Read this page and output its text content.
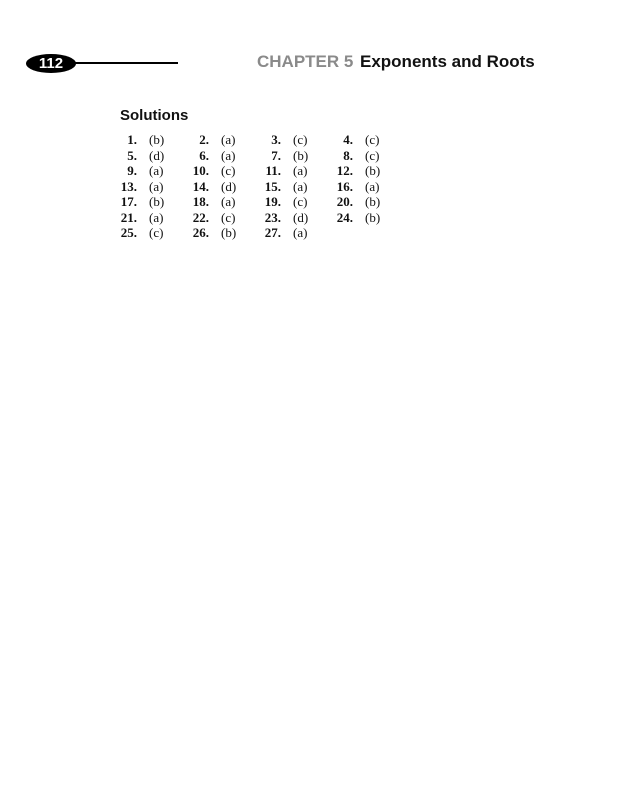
112	CHAPTER 5 Exponents and Roots
Solutions
1. (b)	2. (a)	3. (c)	4. (c)
5. (d)	6. (a)	7. (b)	8. (c)
9. (a)	10. (c)	11. (a)	12. (b)
13. (a)	14. (d)	15. (a)	16. (a)
17. (b)	18. (a)	19. (c)	20. (b)
21. (a)	22. (c)	23. (d)	24. (b)
25. (c)	26. (b)	27. (a)
